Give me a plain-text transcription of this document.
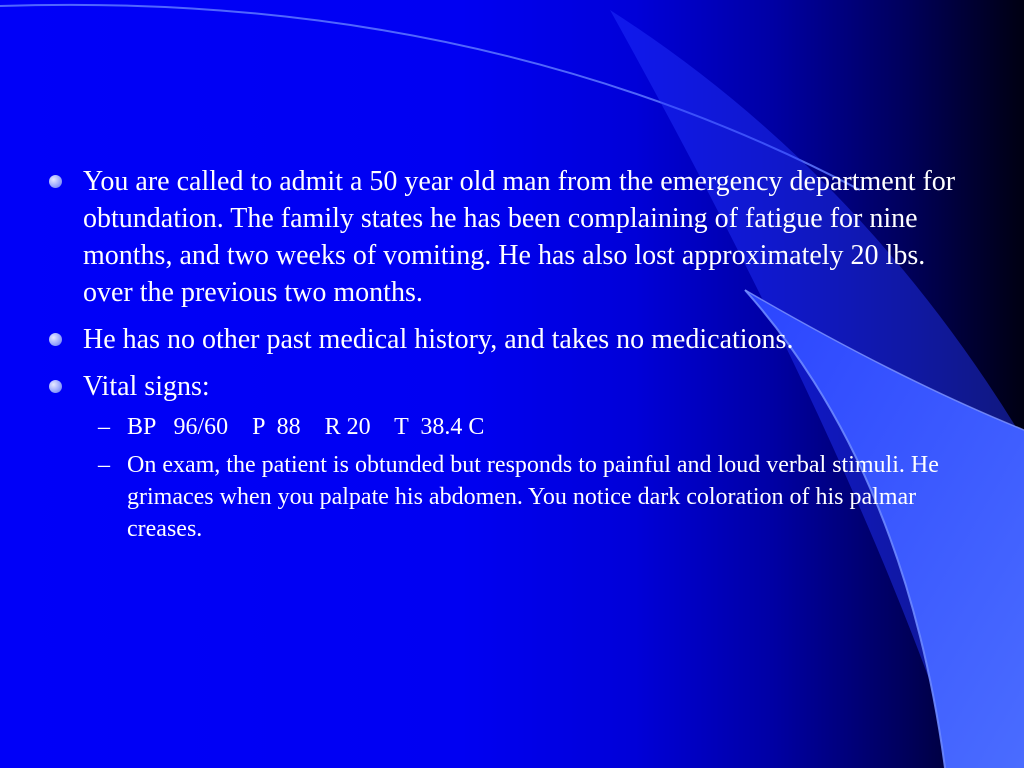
You are called to admit a 50 year old man from the emergency department for obtundation. The family states he has been complaining of fatigue for nine months, and two weeks of vomiting. He has also lost approximately 20 lbs. over the previous two months.
He has no other past medical history, and takes no medications.
Vital signs:
– BP   96/60    P  88    R 20    T  38.4 C
– On exam, the patient is obtunded but responds to painful and loud verbal stimuli. He grimaces when you palpate his abdomen. You notice dark coloration of his palmar creases.
